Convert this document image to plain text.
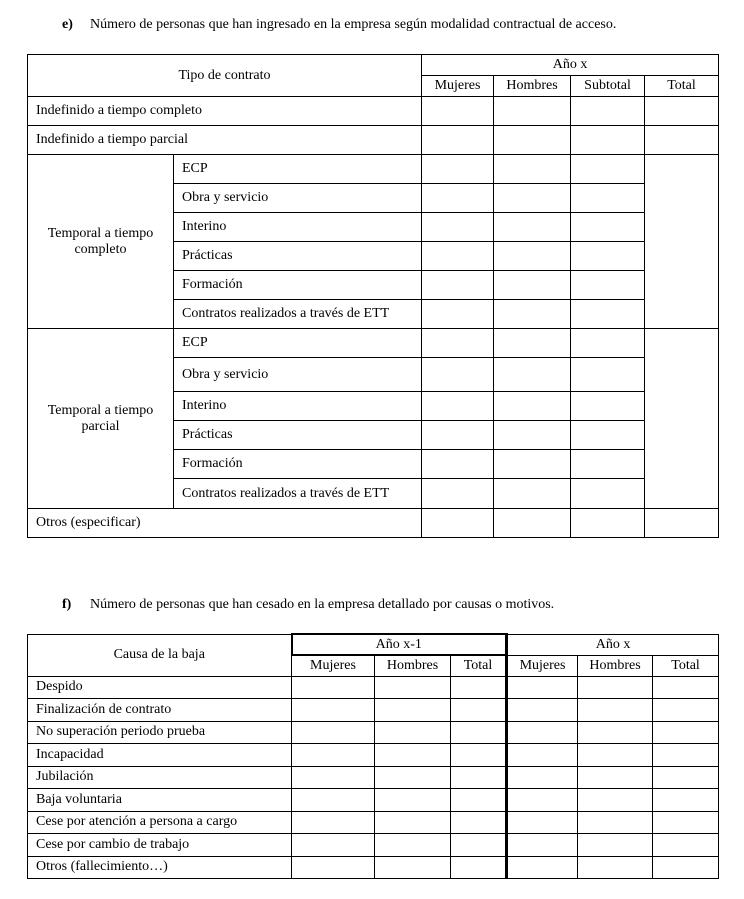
e) Número de personas que han ingresado en la empresa según modalidad contractual de acceso.
Tipo de contrato		Año x			
		Mujeres	Hombres	Subtotal	Total
Indefinido a tiempo completo					
Indefinido a tiempo parcial					
Temporal a tiempo completo	ECP				
	Obra y servicio				
	Interino				
	Prácticas				
	Formación				
	Contratos realizados a través de ETT				
Temporal a tiempo parcial	ECP				
	Obra y servicio				
	Interino				
	Prácticas				
	Formación				
	Contratos realizados a través de ETT				
Otros (especificar)					
f) Número de personas que han cesado en la empresa detallado por causas o motivos.
Causa de la baja	Año x-1			Año x		
	Mujeres	Hombres	Total	Mujeres	Hombres	Total
Despido						
Finalización de contrato						
No superación periodo prueba						
Incapacidad						
Jubilación						
Baja voluntaria						
Cese por atención a persona a cargo						
Cese por cambio de trabajo						
Otros (fallecimiento…)						
